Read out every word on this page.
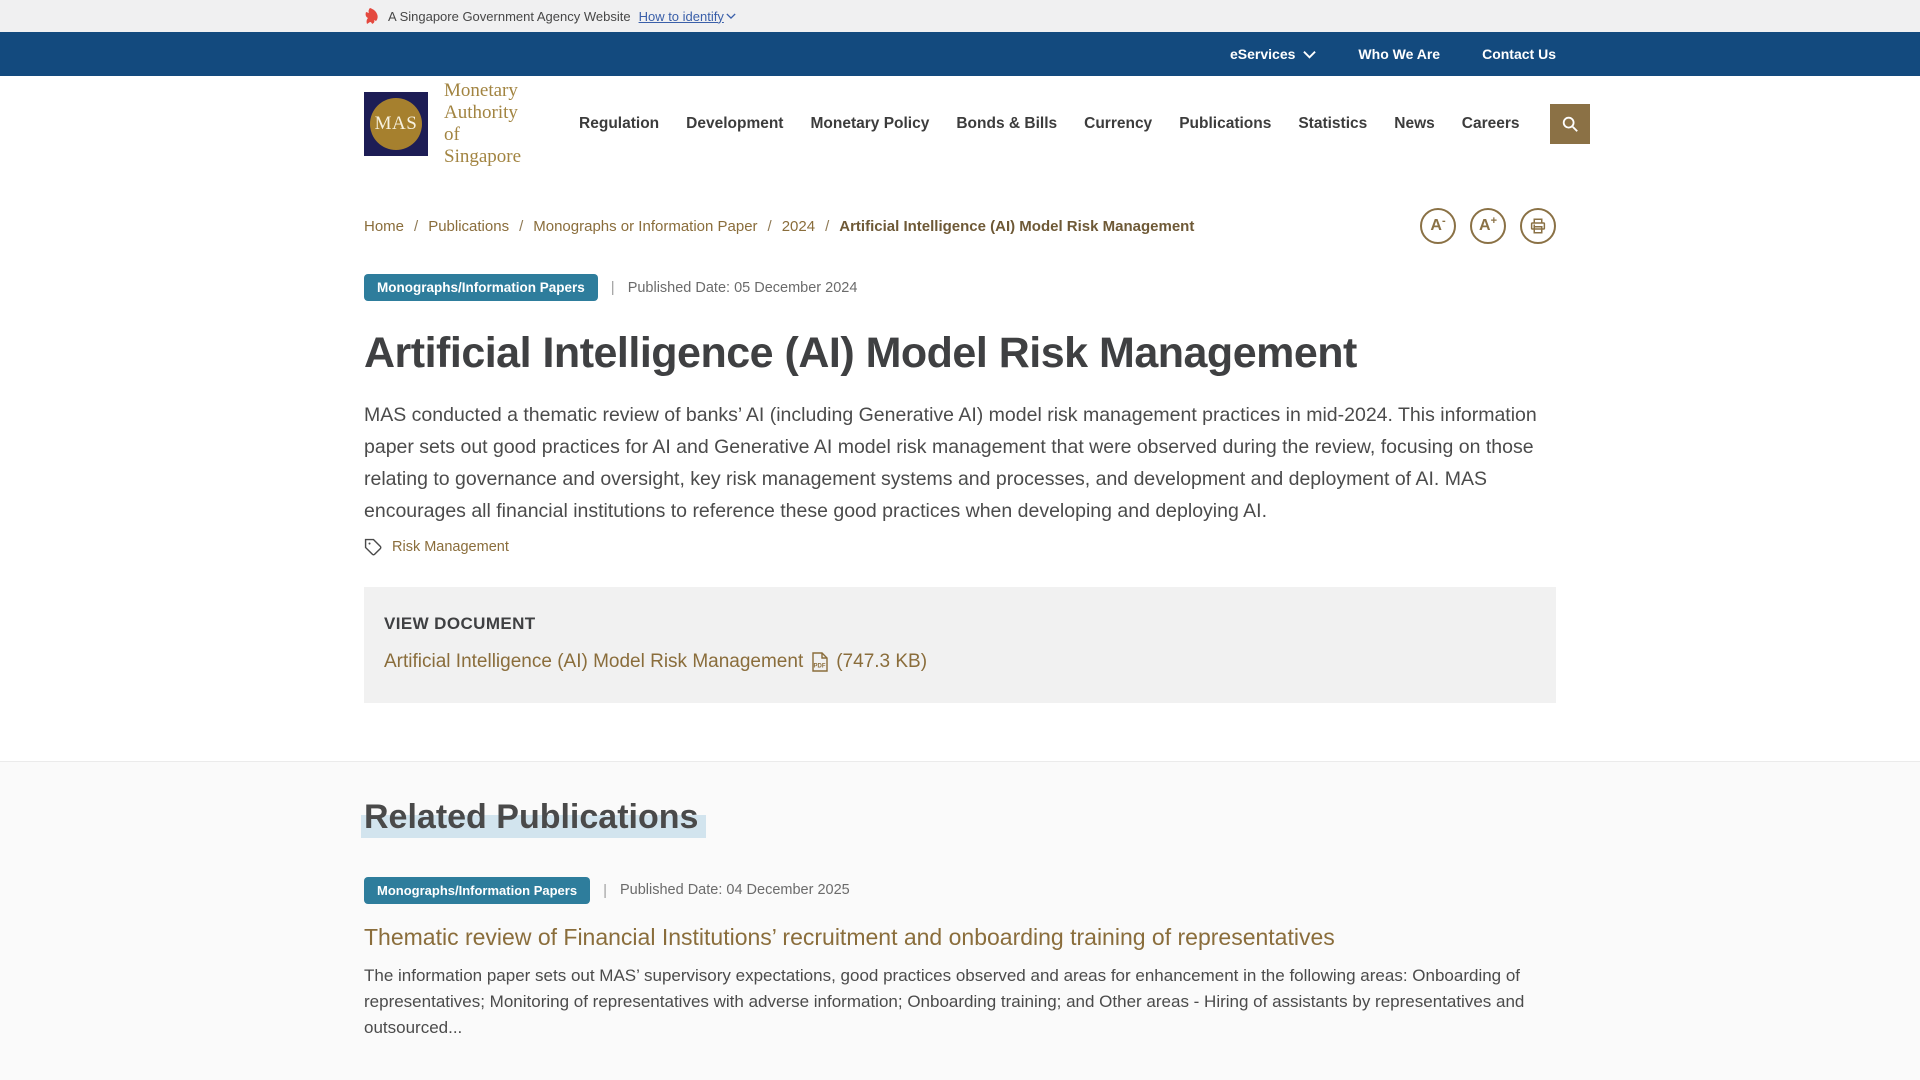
A Singapore Government Agency Website How to identify
eServices	Who We Are	Contact Us
MAS
Monetary Authority
of Singapore
Regulation Development Monetary Policy Bonds & Bills Currency Publications Statistics News Careers
Home / Publications / Monographs or Information Paper / 2024 / Artificial Intelligence (AI) Model Risk Management	A - A +
Monographs/Information Papers	| Published Date: 05 December 2024
Artificial Intelligence (AI) Model Risk Management

MAS conducted a thematic review of banks’ AI (including Generative AI) model risk management practices in mid-2024. This information paper sets out good practices for AI and Generative AI model risk management that were observed during the review, focusing on those relating to governance and oversight, key risk management systems and processes, and development and deployment of AI. MAS encourages all financial institutions to reference these good practices when developing and deploying AI.

Risk Management
VIEW DOCUMENT
Artificial Intelligence (AI) Model Risk Management PDF (747.3 KB)
Related Publications
Monographs/Information Papers	| Published Date: 04 December 2025
Thematic review of Financial Institutions’ recruitment and onboarding training of representatives

The information paper sets out MAS’ supervisory expectations, good practices observed and areas for enhancement in the following areas: Onboarding of representatives; Monitoring of representatives with adverse information; Onboarding training; and Other areas - Hiring of assistants by representatives and outsourced...
